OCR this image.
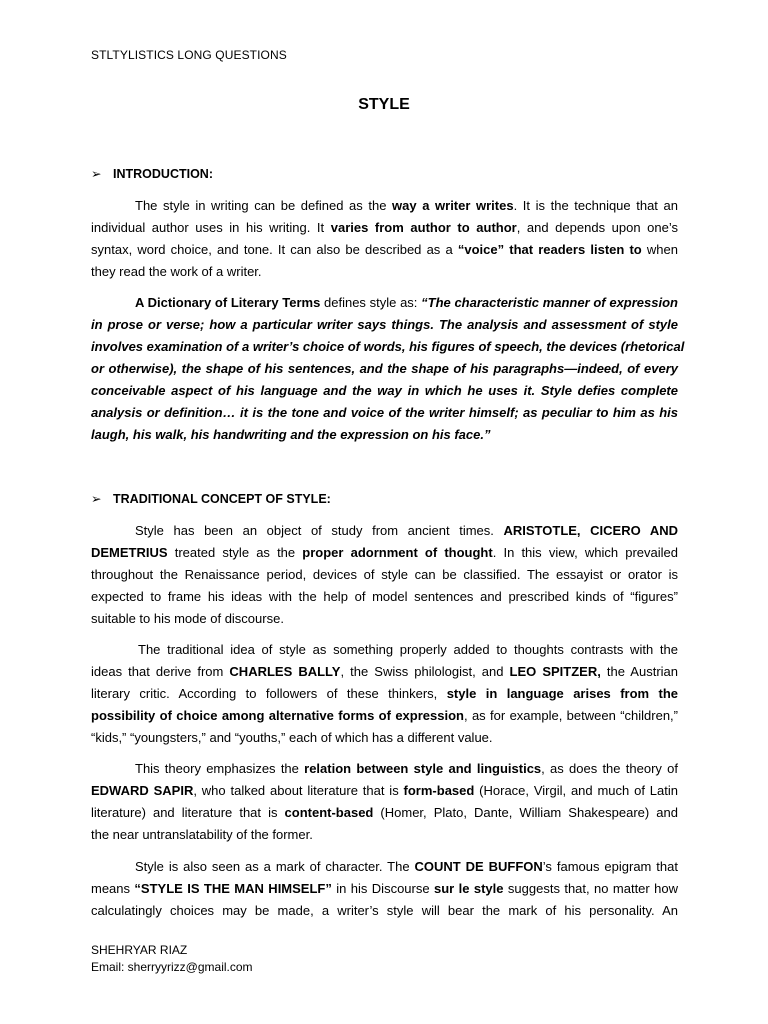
STLTYLISTICS LONG QUESTIONS
STYLE
➢ INTRODUCTION:
The style in writing can be defined as the way a writer writes. It is the technique that an
individual author uses in his writing. It varies from author to author, and depends upon one’s
syntax, word choice, and tone. It can also be described as a “voice” that readers listen to when
they read the work of a writer.
A Dictionary of Literary Terms defines style as: “The characteristic manner of expression
in prose or verse; how a particular writer says things. The analysis and assessment of style
involves examination of a writer’s choice of words, his figures of speech, the devices (rhetorical
or otherwise), the shape of his sentences, and the shape of his paragraphs—indeed, of every
conceivable aspect of his language and the way in which he uses it. Style defies complete
analysis or definition… it is the tone and voice of the writer himself; as peculiar to him as his
laugh, his walk, his handwriting and the expression on his face.”
➢ TRADITIONAL CONCEPT OF STYLE:
Style has been an object of study from ancient times. ARISTOTLE, CICERO AND
DEMETRIUS treated style as the proper adornment of thought. In this view, which prevailed
throughout the Renaissance period, devices of style can be classified. The essayist or orator is
expected to frame his ideas with the help of model sentences and prescribed kinds of “figures”
suitable to his mode of discourse.
The traditional idea of style as something properly added to thoughts contrasts with the
ideas that derive from CHARLES BALLY, the Swiss philologist, and LEO SPITZER, the Austrian
literary critic. According to followers of these thinkers, style in language arises from the
possibility of choice among alternative forms of expression, as for example, between “children,”
“kids,” “youngsters,” and “youths,” each of which has a different value.
This theory emphasizes the relation between style and linguistics, as does the theory of
EDWARD SAPIR, who talked about literature that is form-based (Horace, Virgil, and much of Latin
literature) and literature that is content-based (Homer, Plato, Dante, William Shakespeare) and
the near untranslatability of the former.
Style is also seen as a mark of character. The COUNT DE BUFFON’s famous epigram that
means “STYLE IS THE MAN HIMSELF” in his Discourse sur le style suggests that, no matter how
calculatingly choices may be made, a writer’s style will bear the mark of his personality. An
SHEHRYAR RIAZ
Email: sherryyrizz@gmail.com
